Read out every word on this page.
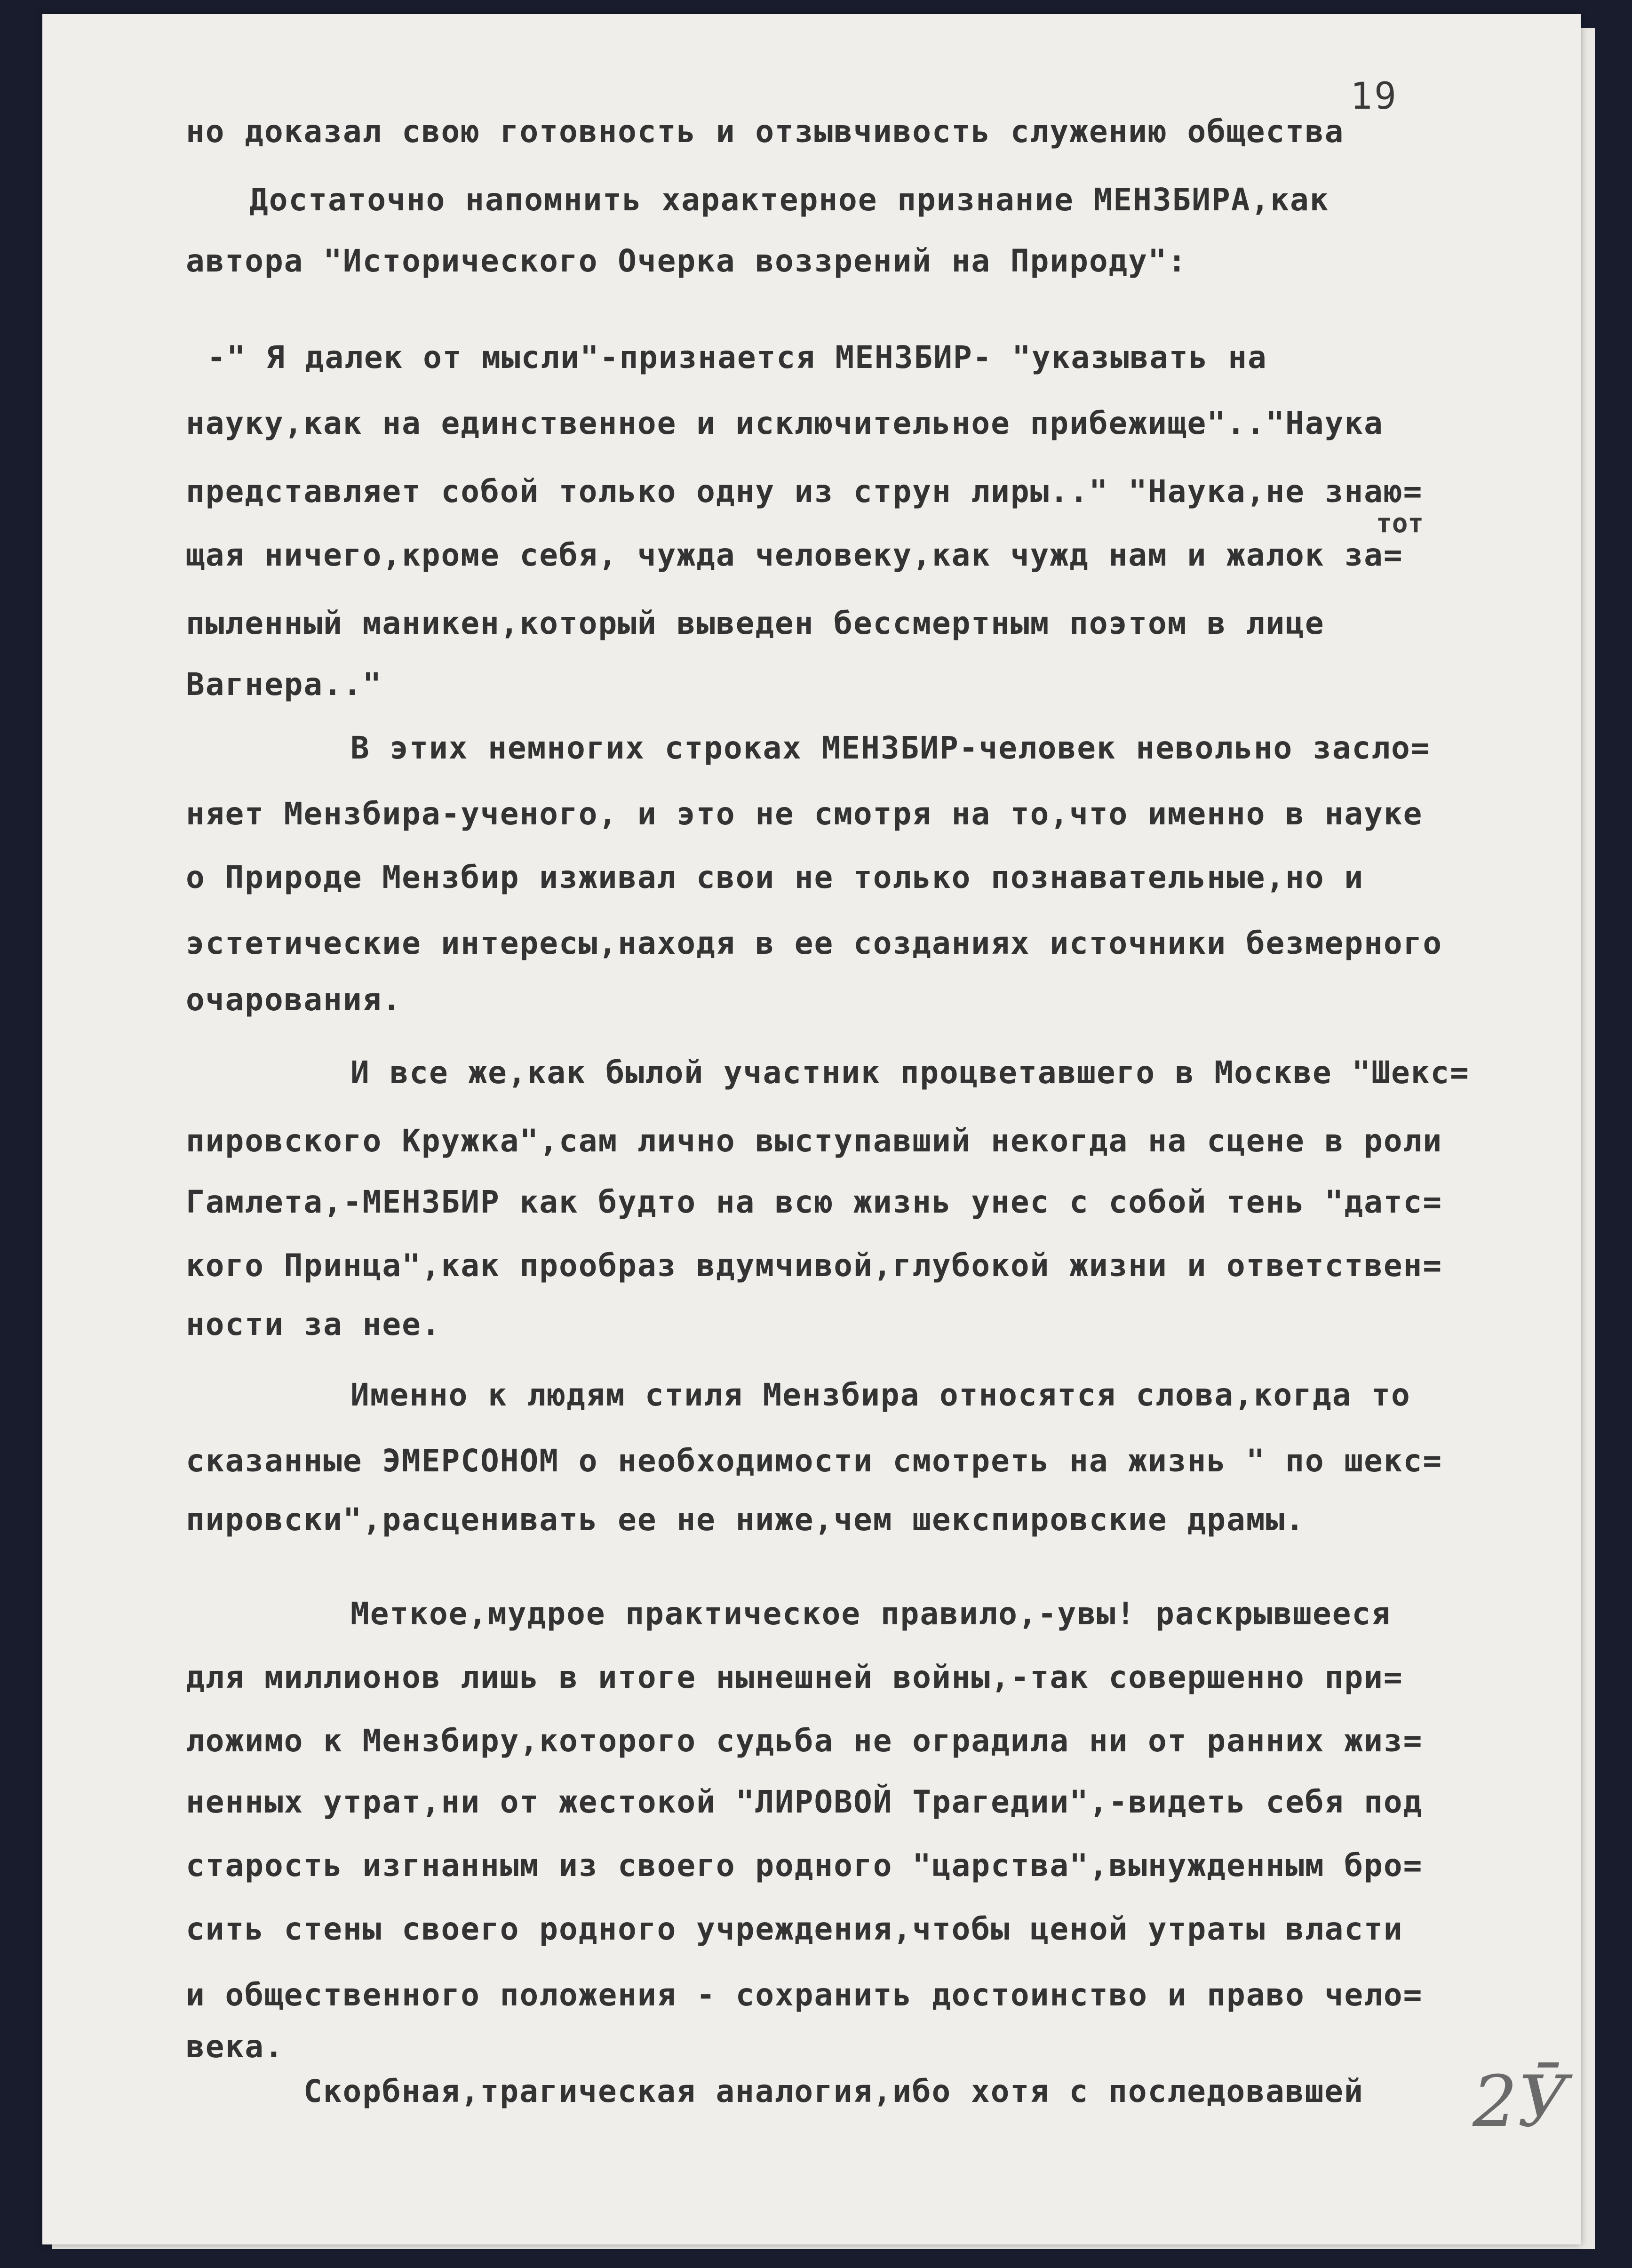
19

но доказал свою готовность и отзывчивость служению общества

Достаточно напомнить характерное признание МЕНЗБИРА,как

автора "Исторического Очерка воззрений на Природу":

-" Я далек от мысли"-признается МЕНЗБИР- "указывать на

науку,как на единственное и исключительное прибежище".."Наука

представляет собой только одну из струн лиры.." "Наука,не знаю=

тот

щая ничего,кроме себя, чужда человеку,как чужд нам и жалок за=

пыленный маникен,который выведен бессмертным поэтом в лице

Вагнера.."

В этих немногих строках МЕНЗБИР-человек невольно заслo=

няет Мензбира-ученого, и это не смотря на то,что именно в науке

о Природе Мензбир изживал свои не только познавательные,но и

эстетические интересы,находя в ее созданиях источники безмерного

очарования.

И все же,как былой участник процветавшего в Москве "Шекс=

пировского Кружка",сам лично выступавший некогда на сцене в роли

Гамлета,-МЕНЗБИР как будто на всю жизнь унес с собой тень "датс=

кого Принца",как прообраз вдумчивой,глубокой жизни и ответствен=

ности за нее.

Именно к людям стиля Мензбира относятся слова,когда то

сказанные ЭМЕРСОНОМ о необходимости смотреть на жизнь " по шекс=

пировски",расценивать ее не ниже,чем шекспировские драмы.

Меткое,мудрое практическое правило,-увы! раскрывшееся

для миллионов лишь в итоге нынешней войны,-так совершенно при=

ложимо к Мензбиру,которого судьба не оградила ни от ранних жиз=

ненных утрат,ни от жестокой "ЛИРОВОЙ Трагедии",-видеть себя под

старость изгнанным из своего родного "царства",вынужденным бро=

сить стены своего родного учреждения,чтобы ценой утраты власти

и общественного положения - сохранить достоинство и право чело=

века.

Скорбная,трагическая аналогия,ибо хотя с последовавшей 2Ӯ
